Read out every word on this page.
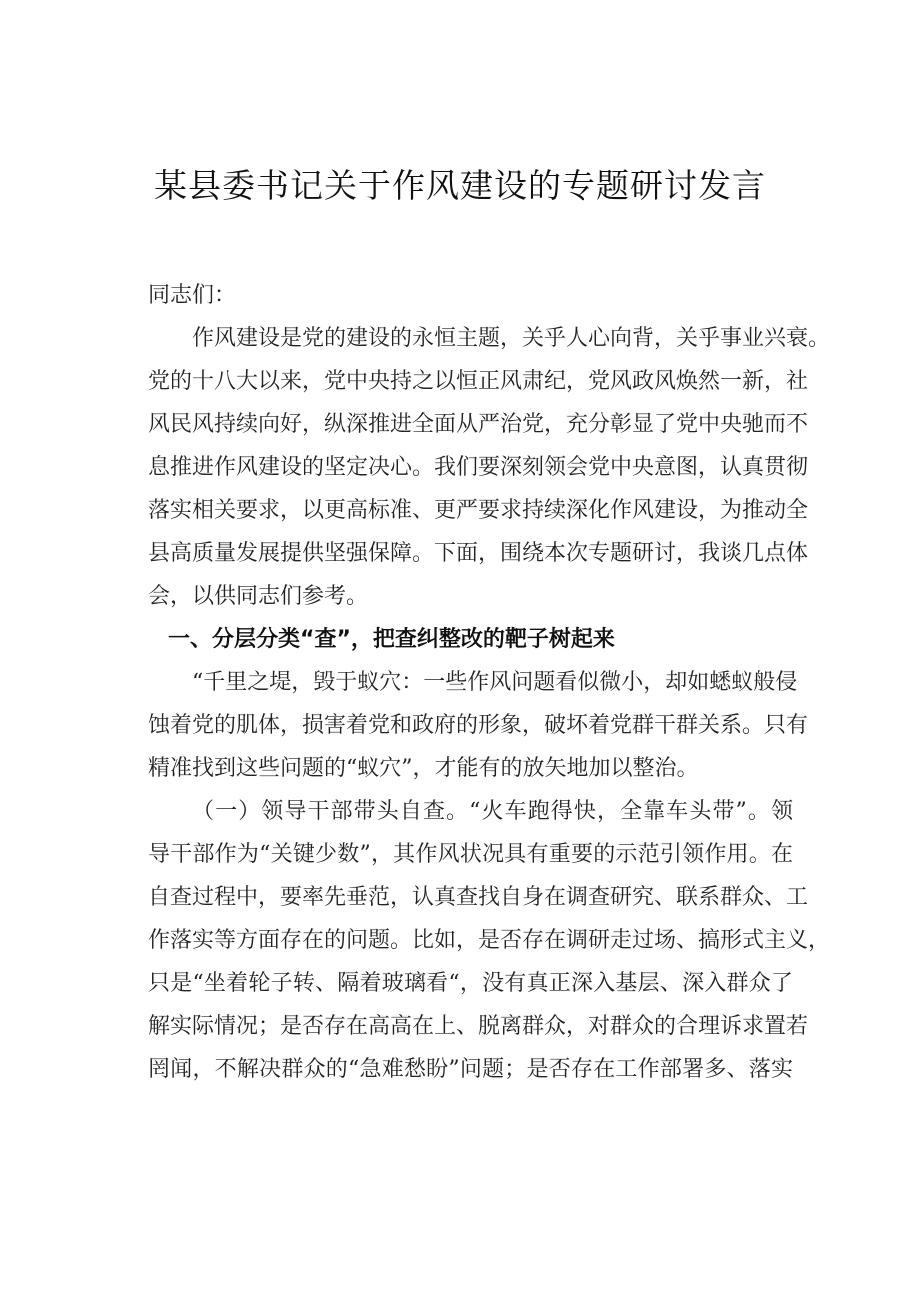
某县委书记关于作风建设的专题研讨发言
同志们：
作风建设是党的建设的永恒主题，关乎人心向背，关乎事业兴衰。
党的十八大以来，党中央持之以恒正风肃纪，党风政风焕然一新，社
风民风持续向好，纵深推进全面从严治党，充分彰显了党中央驰而不
息推进作风建设的坚定决心。我们要深刻领会党中央意图，认真贯彻
落实相关要求，以更高标准、更严要求持续深化作风建设，为推动全
县高质量发展提供坚强保障。下面，围绕本次专题研讨，我谈几点体
会，以供同志们参考。
一、分层分类“查”，把查纠整改的靶子树起来
“千里之堤，毁于蚁穴：一些作风问题看似微小，却如蟋蚁般侵
蚀着党的肌体，损害着党和政府的形象，破坏着党群干群关系。只有
精准找到这些问题的“蚁穴”，才能有的放矢地加以整治。
（一）领导干部带头自查。“火车跑得快，全靠车头带”。领
导干部作为“关键少数”，其作风状况具有重要的示范引领作用。在
自查过程中，要率先垂范，认真查找自身在调查研究、联系群众、工
作落实等方面存在的问题。比如，是否存在调研走过场、搞形式主义，
只是“坐着轮子转、隔着玻璃看“，没有真正深入基层、深入群众了
解实际情况；是否存在高高在上、脱离群众，对群众的合理诉求置若
罔闻，不解决群众的“急难愁盼”问题；是否存在工作部署多、落实
